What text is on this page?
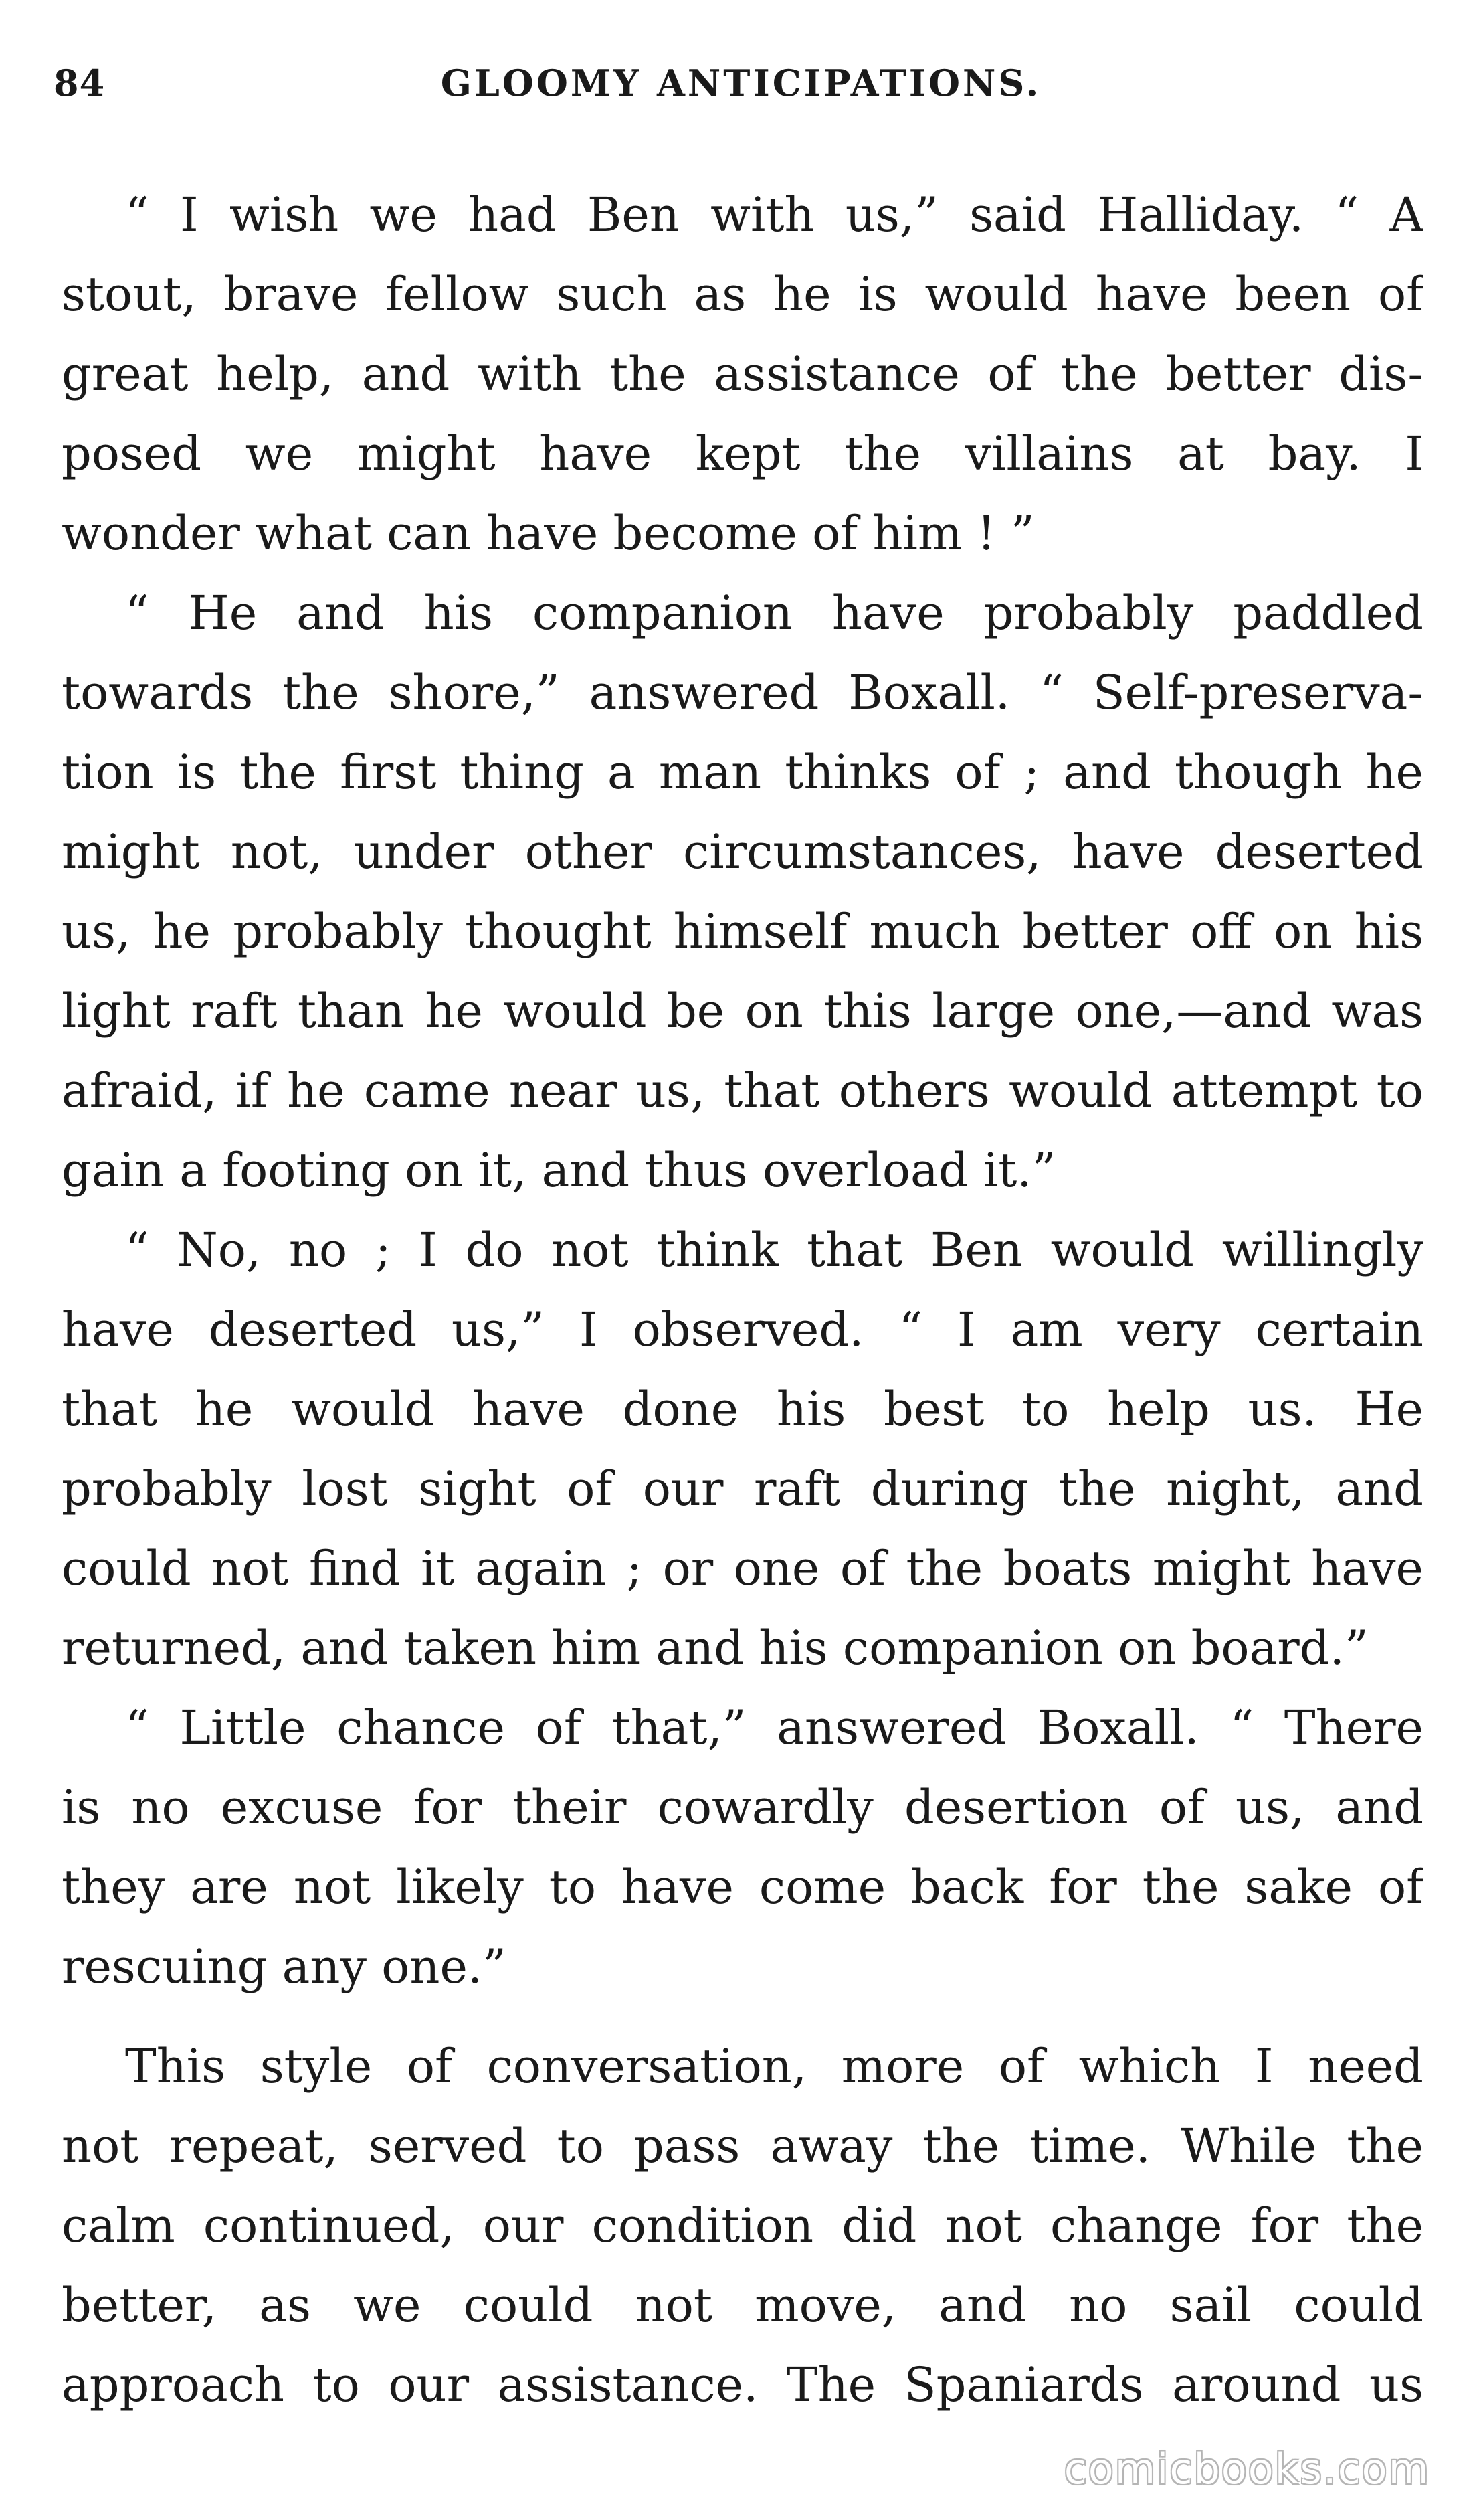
84	GLOOMY ANTICIPATIONS.

“ I wish we had Ben with us,” said Halliday. “ A
stout, brave fellow such as he is would have been of
great help, and with the assistance of the better dis-
posed we might have kept the villains at bay. I
wonder what can have become of him ! ”

“ He and his companion have probably paddled
towards the shore,” answered Boxall. “ Self-preserva-
tion is the first thing a man thinks of ; and though he
might not, under other circumstances, have deserted
us, he probably thought himself much better off on his
light raft than he would be on this large one,—and was
afraid, if he came near us, that others would attempt to
gain a footing on it, and thus overload it.”

“ No, no ; I do not think that Ben would willingly
have deserted us,” I observed. “ I am very certain
that he would have done his best to help us. He
probably lost sight of our raft during the night, and
could not find it again ; or one of the boats might have
returned, and taken him and his companion on board.”

“ Little chance of that,” answered Boxall. “ There
is no excuse for their cowardly desertion of us, and
they are not likely to have come back for the sake of
rescuing any one.”

This style of conversation, more of which I need
not repeat, served to pass away the time. While the
calm continued, our condition did not change for the
better, as we could not move, and no sail could
approach to our assistance. The Spaniards around us

comicbooks.com
